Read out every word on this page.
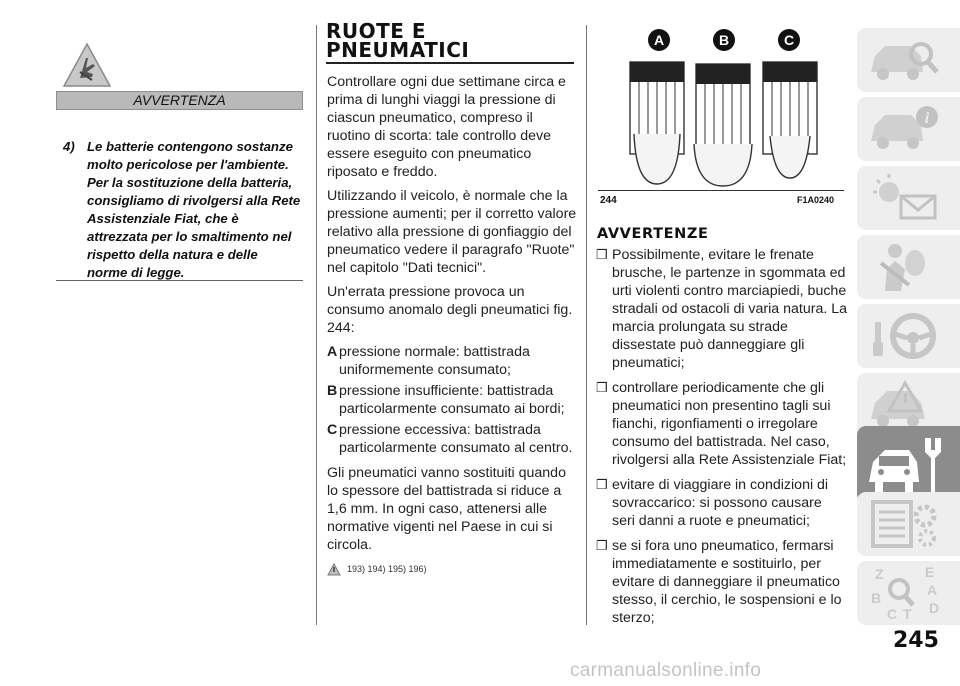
AVVERTENZA
4) Le batterie contengono sostanze molto pericolose per l'ambiente. Per la sostituzione della batteria, consigliamo di rivolgersi alla Rete Assistenziale Fiat, che è attrezzata per lo smaltimento nel rispetto della natura e delle norme di legge.
RUOTE E
PNEUMATICI

Controllare ogni due settimane circa e prima di lunghi viaggi la pressione di ciascun pneumatico, compreso il ruotino di scorta: tale controllo deve essere eseguito con pneumatico riposato e freddo.

Utilizzando il veicolo, è normale che la pressione aumenti; per il corretto valore relativo alla pressione di gonfiaggio del pneumatico vedere il paragrafo "Ruote" nel capitolo "Dati tecnici".

Un'errata pressione provoca un consumo anomalo degli pneumatici fig. 244:

A pressione normale: battistrada uniformemente consumato;
B pressione insufficiente: battistrada particolarmente consumato ai bordi;
C pressione eccessiva: battistrada particolarmente consumato al centro.

Gli pneumatici vanno sostituiti quando lo spessore del battistrada si riduce a 1,6 mm. In ogni caso, attenersi alle normative vigenti nel Paese in cui si circola.

193) 194) 195) 196)
A	B	C
244	F1A0240
AVVERTENZE
❒ Possibilmente, evitare le frenate brusche, le partenze in sgommata ed urti violenti contro marciapiedi, buche stradali od ostacoli di varia natura. La marcia prolungata su strade dissestate può danneggiare gli pneumatici;
❒ controllare periodicamente che gli pneumatici non presentino tagli sui fianchi, rigonfiamenti o irregolare consumo del battistrada. Nel caso, rivolgersi alla Rete Assistenziale Fiat;
❒ evitare di viaggiare in condizioni di sovraccarico: si possono causare seri danni a ruote e pneumatici;
❒ se si fora uno pneumatico, fermarsi immediatamente e sostituirlo, per evitare di danneggiare il pneumatico stesso, il cerchio, le sospensioni e lo sterzo;
i
Z	E
A
B
C T D
245
carmanualsonline.info
